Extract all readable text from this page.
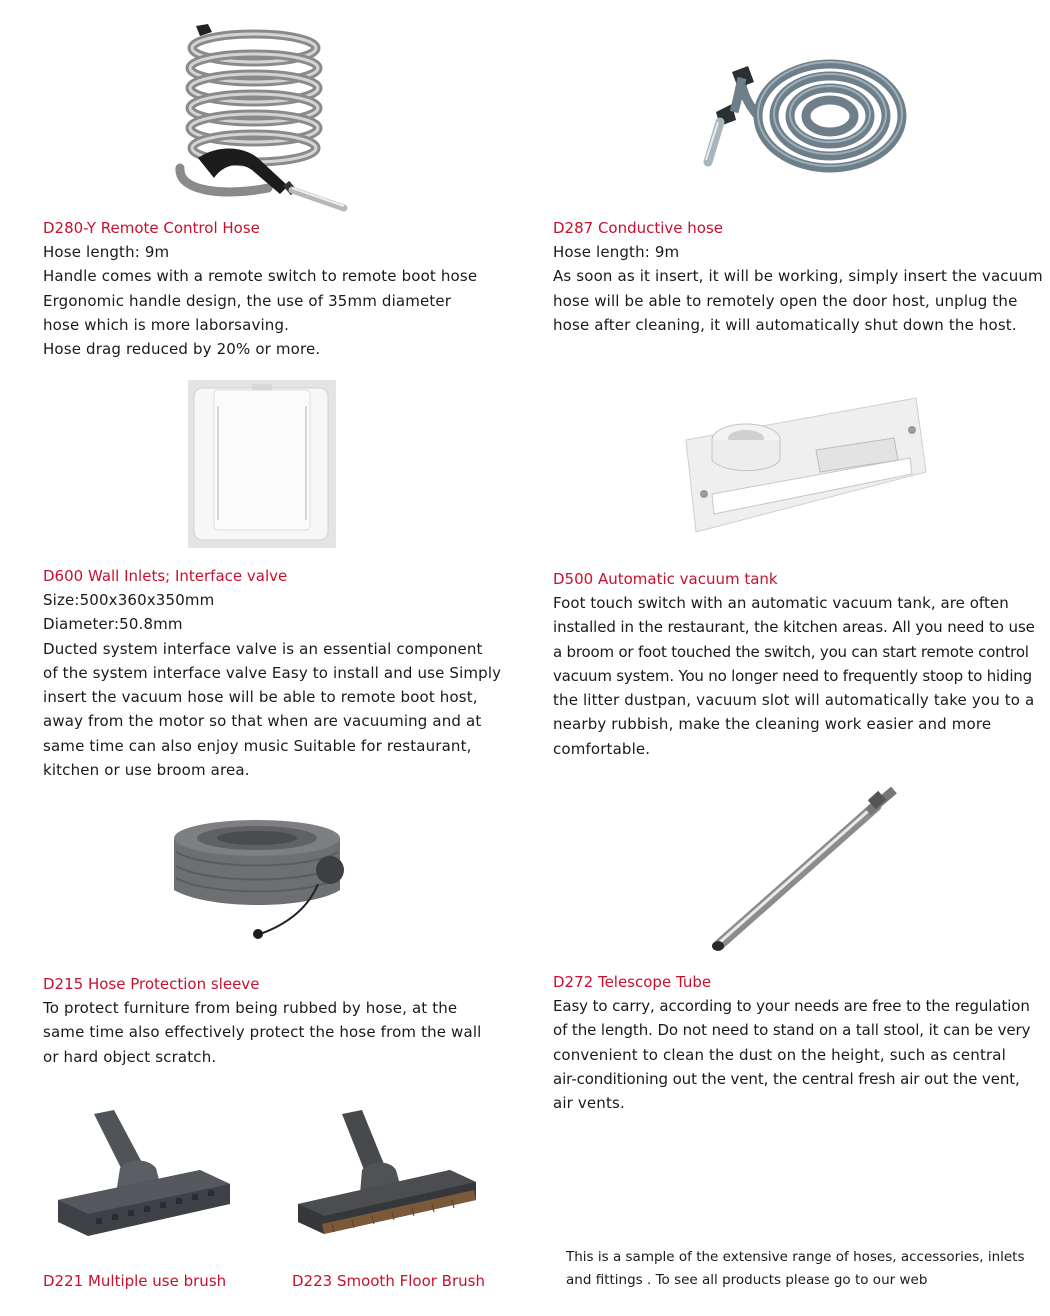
D280-Y Remote Control Hose

Hose length: 9m

Handle comes with a remote switch to remote boot hose

Ergonomic handle design, the use of 35mm diameter

hose which is more laborsaving.

Hose drag reduced by 20% or more.

D287 Conductive hose

Hose length: 9m

As soon as it insert, it will be working, simply insert the vacuum

hose will be able to remotely open the door host, unplug the

hose after cleaning, it will automatically shut down the host.

D600 Wall Inlets; Interface valve

Size:500x360x350mm

Diameter:50.8mm

Ducted system interface valve is an essential component

of the system interface valve Easy to install and use Simply

insert the vacuum hose will be able to remote boot host,

away from the motor so that when are vacuuming and at

same time can also enjoy music Suitable for restaurant,

kitchen or use broom area.

D500 Automatic vacuum tank

Foot touch switch with an automatic vacuum tank, are often

installed in the restaurant, the kitchen areas. All you need to use

a broom or foot touched the switch, you can start remote control

vacuum system. You no longer need to frequently stoop to hiding

the litter dustpan, vacuum slot will automatically take you to a

nearby rubbish, make the cleaning work easier and more

comfortable.

D215 Hose Protection sleeve

To protect furniture from being rubbed by hose, at the

same time also effectively protect the hose from the wall

or hard object scratch.

D272 Telescope Tube

Easy to carry, according to your needs are free to the regulation

of the length. Do not need to stand on a tall stool, it can be very

convenient to clean the dust on the height, such as central

air-conditioning out the vent, the central fresh air out the vent,

air vents.

D221 Multiple use brush	D223 Smooth Floor Brush

This is a sample of the extensive range of hoses, accessories, inlets
and fittings . To see all products please go to our web
